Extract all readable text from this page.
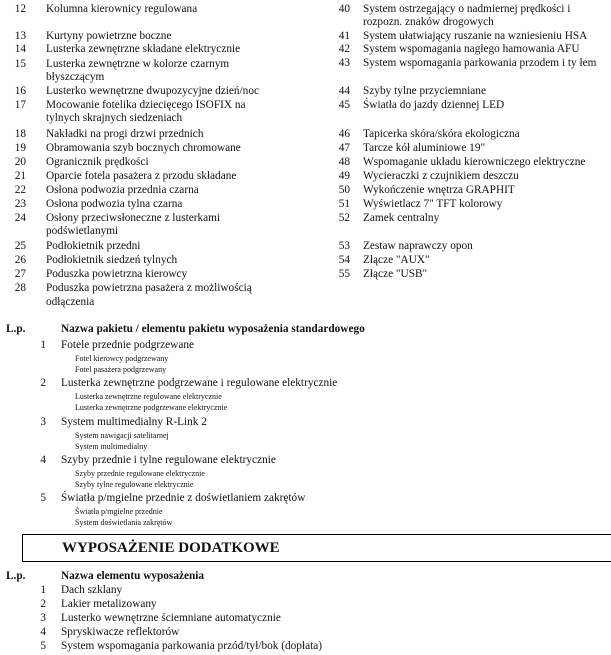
12 Kolumna kierownicy regulowana
13 Kurtyny powietrzne boczne
14 Lusterka zewnętrzne składane elektrycznie
15 Lusterka zewnętrzne w kolorze czarnym
błyszczącym
16 Lusterko wewnętrzne dwupozycyjne dzień/noc
17 Mocowanie fotelika dziecięcego ISOFIX na
tylnych skrajnych siedzeniach
18 Nakładki na progi drzwi przednich
19 Obramowania szyb bocznych chromowane
20 Ogranicznik prędkości
21 Oparcie fotela pasażera z przodu składane
22 Osłona podwozia przednia czarna
23 Osłona podwozia tylna czarna
24 Osłony przeciwsłoneczne z lusterkami
podświetlanymi
25 Podłokietnik przedni
26 Podłokietnik siedzeń tylnych
27 Poduszka powietrzna kierowcy
28 Poduszka powietrzna pasażera z możliwością
odłączenia
40 System ostrzegający o nadmiernej prędkości i
rozpozn. znaków drogowych
41 System ułatwiający ruszanie na wzniesieniu HSA
42 System wspomagania nagłego hamowania AFU
43 System wspomagania parkowania przodem i ty łem
44 Szyby tylne przyciemniane
45 Światła do jazdy dziennej LED
46 Tapicerka skóra/skóra ekologiczna
47 Tarcze kół aluminiowe 19"
48 Wspomaganie układu kierowniczego elektryczne
49 Wycieraczki z czujnikiem deszczu
50 Wykończenie wnętrza GRAPHIT
51 Wyświetlacz 7" TFT kolorowy
52 Zamek centralny
53 Zestaw naprawczy opon
54 Złącze "AUX"
55 Złącze "USB"
L.p.	Nazwa pakietu / elementu pakietu wyposażenia standardowego
1 Fotele przednie podgrzewane
Fotel kierowcy podgrzewany
Fotel pasażera podgrzewany
2 Lusterka zewnętrzne podgrzewane i regulowane elektrycznie
Lusterka zewnętrzne regulowane elektrycznie
Lusterka zewnętrzne podgrzewane elektrycznie
3 System multimedialny R-Link 2
System nawigacji satelitarnej
System multimedialny
4 Szyby przednie i tylne regulowane elektrycznie
Szyby przednie regulowane elektrycznie
Szyby tylne regulowane elektrycznie
5 Światła p/mgielne przednie z doświetlaniem zakrętów
Światła p/mgielne przednie
System doświetlania zakrętów
WYPOSAŻENIE DODATKOWE
L.p.	Nazwa elementu wyposażenia
1 Dach szklany
2 Lakier metalizowany
3 Lusterko wewnętrzne ściemniane automatycznie
4 Spryskiwacze reflektorów
5 System wspomagania parkowania przód/tył/bok (dopłata)
